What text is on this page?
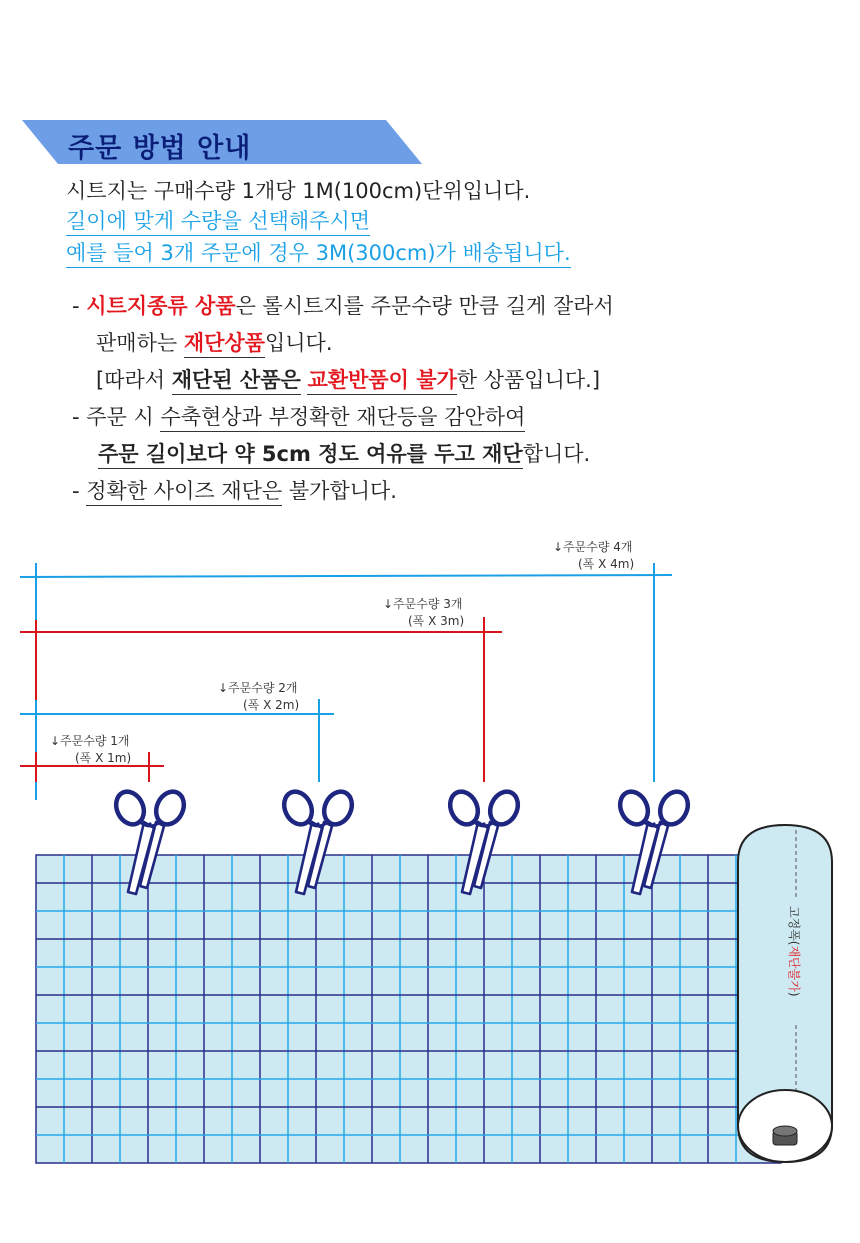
주문 방법 안내
시트지는 구매수량 1개당 1M(100cm)단위입니다.
길이에 맞게 수량을 선택해주시면
예를 들어 3개 주문에 경우 3M(300cm)가 배송됩니다.
- 시트지종류 상품은 롤시트지를 주문수량 만큼 길게 잘라서
판매하는 재단상품입니다.
[따라서 재단된 산품은 교환반품이 불가한 상품입니다.]
- 주문 시 수축현상과 부정확한 재단등을 감안하여
주문 길이보다 약 5cm 정도 여유를 두고 재단합니다.
- 정확한 사이즈 재단은 불가합니다.
↓주문수량 4개
(폭 X 4m)
↓주문수량 3개
(폭 X 3m)
↓주문수량 2개
(폭 X 2m)
↓주문수량 1개
(폭 X 1m)
고정폭(재단불가)
